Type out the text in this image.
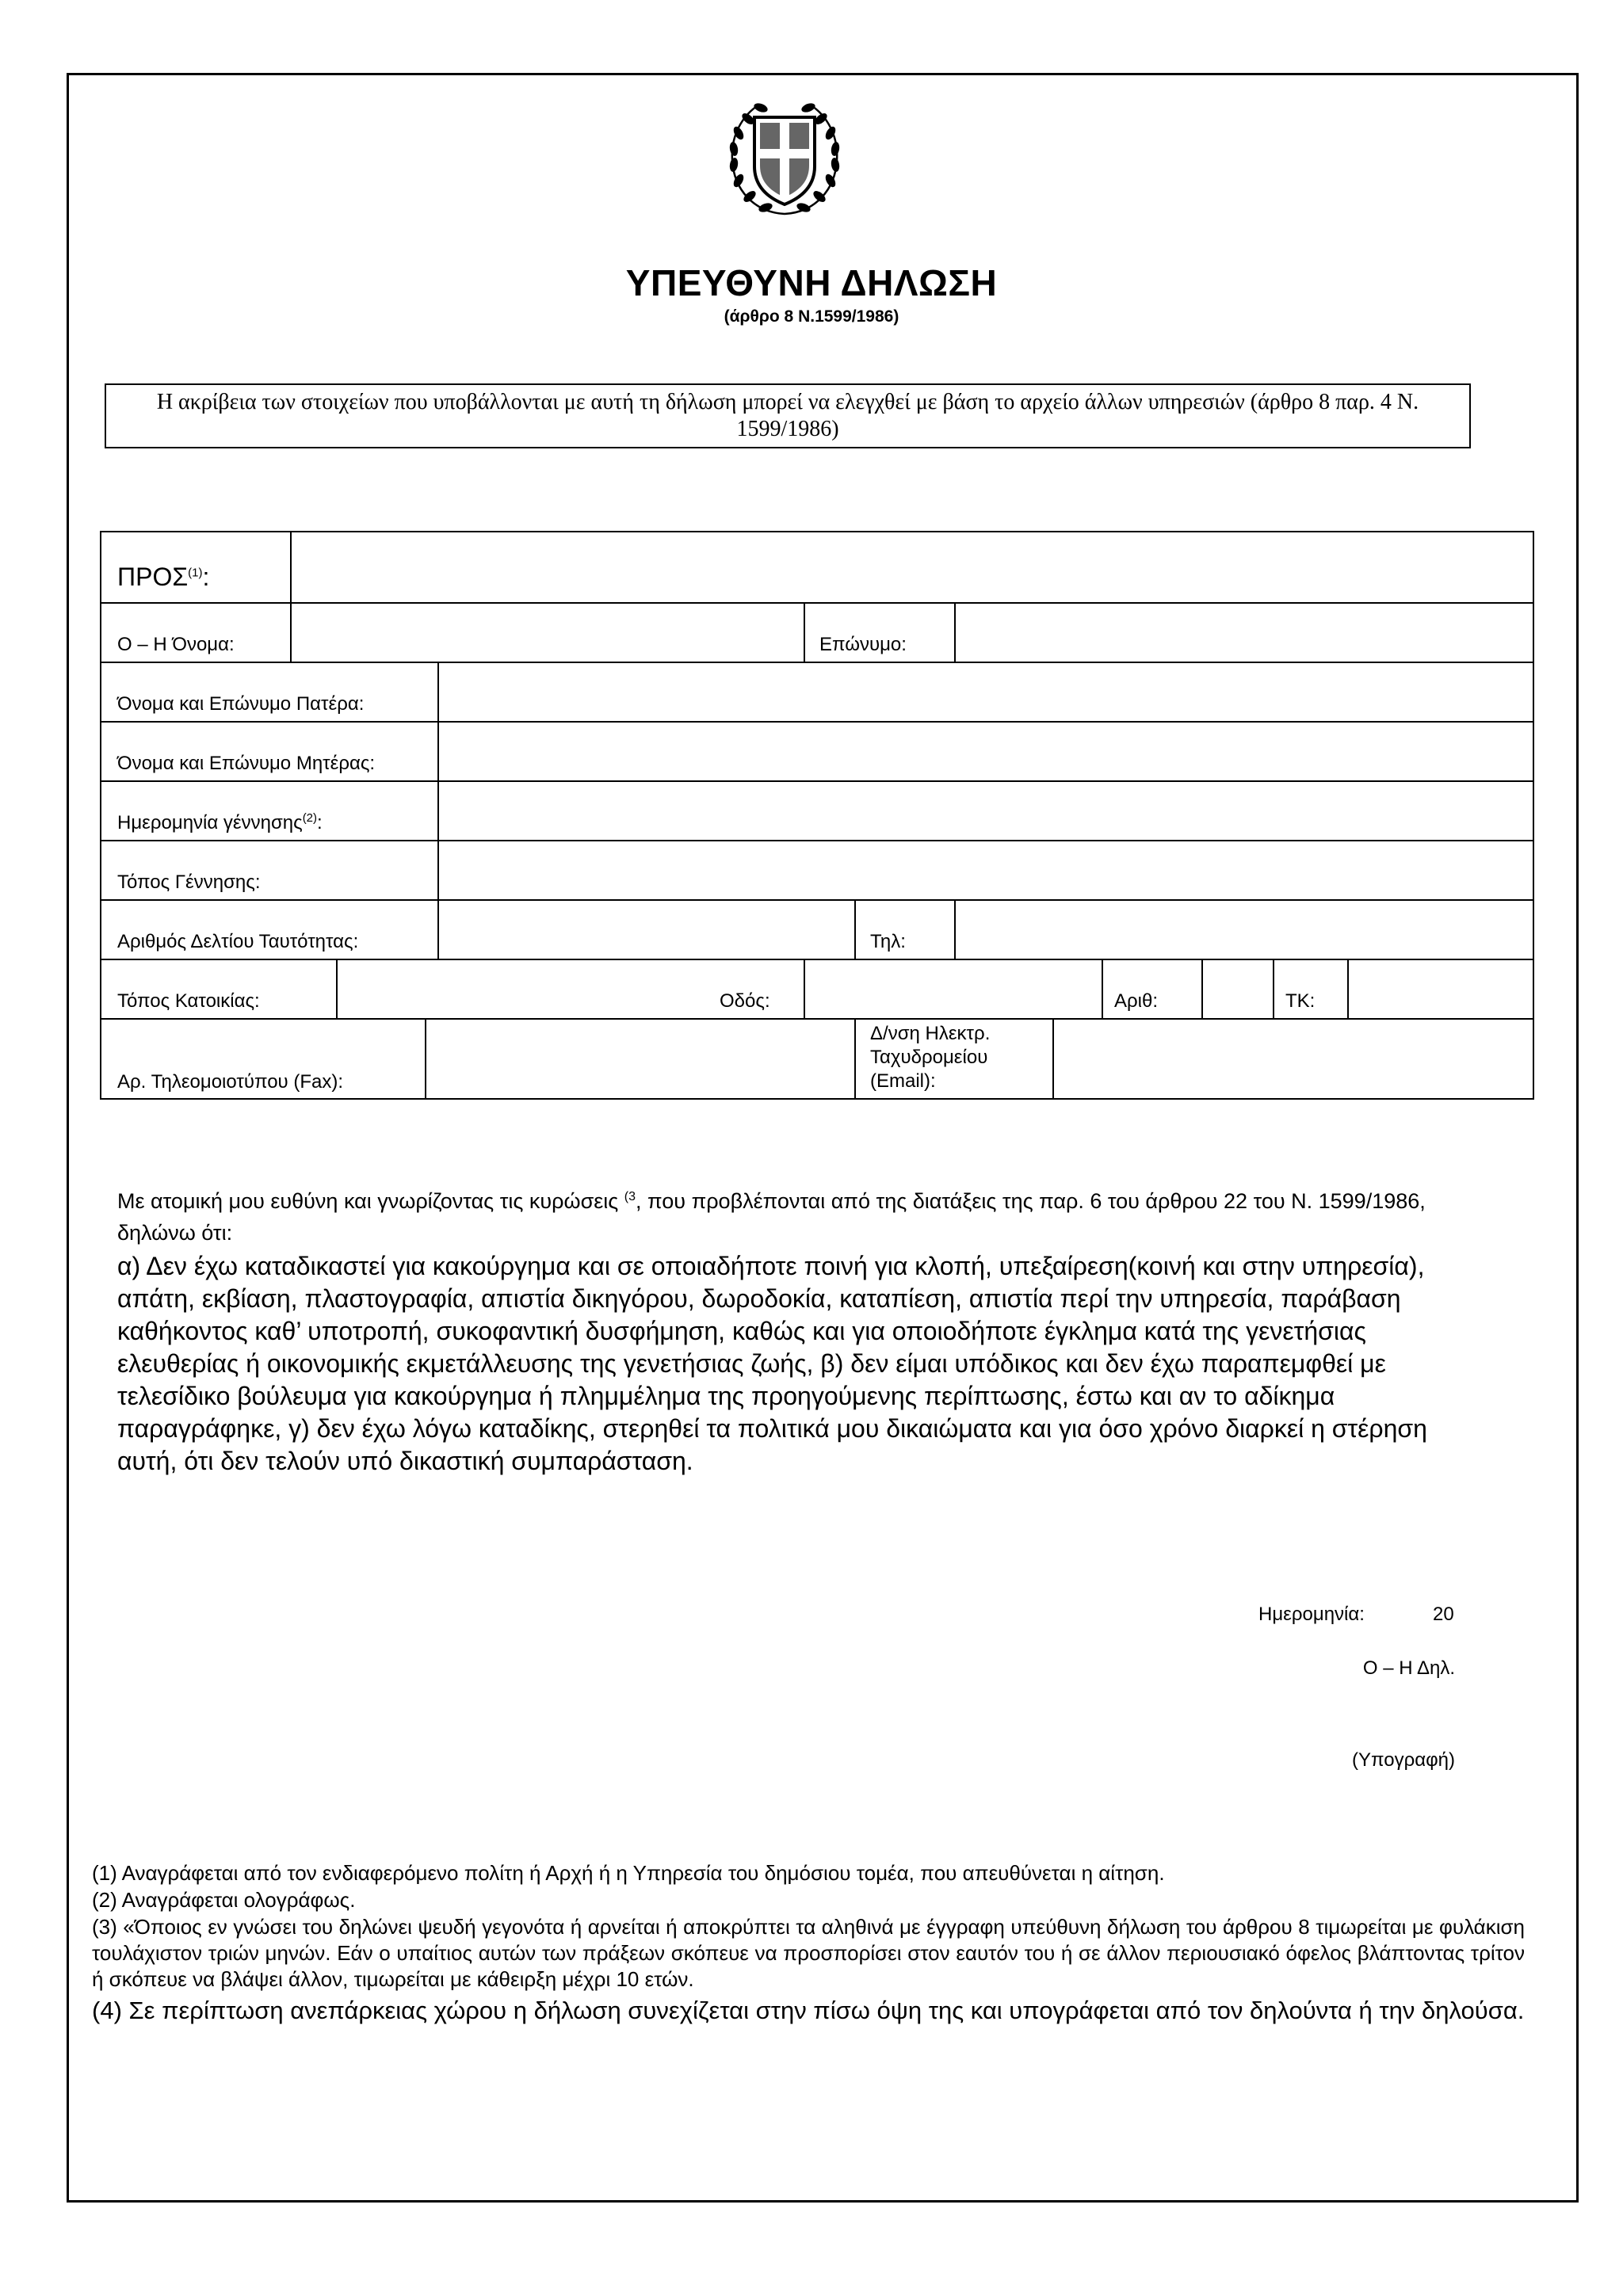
ΥΠΕΥΘΥΝΗ ΔΗΛΩΣΗ
(άρθρο 8 Ν.1599/1986)
Η ακρίβεια των στοιχείων που υποβάλλονται με αυτή τη δήλωση μπορεί να ελεγχθεί με βάση το αρχείο άλλων υπηρεσιών (άρθρο 8 παρ. 4 Ν. 1599/1986)
ΠΡΟΣ$^{(1)}$:
Ο – Η Όνομα:	Επώνυμο:
Όνομα και Επώνυμο Πατέρα:
Όνομα και Επώνυμο Μητέρας:
Ημερομηνία γέννησης$^{(2)}$:
Τόπος Γέννησης:
Αριθμός Δελτίου Ταυτότητας:	Τηλ:
Τόπος Κατοικίας:	Οδός:	Αριθ:	ΤΚ:
Αρ. Τηλεομοιοτύπου (Fax):
Δ/νση Ηλεκτρ.
Ταχυδρομείου
(Email):
Με ατομική μου ευθύνη και γνωρίζοντας τις κυρώσεις $^{(3}$, που προβλέπονται από της διατάξεις της παρ. 6 του άρθρου 22 του Ν. 1599/1986, δηλώνω ότι:
α) Δεν έχω καταδικαστεί για κακούργημα και σε οποιαδήποτε ποινή για κλοπή, υπεξαίρεση(κοινή και στην υπηρεσία), απάτη, εκβίαση, πλαστογραφία, απιστία δικηγόρου, δωροδοκία, καταπίεση, απιστία περί την υπηρεσία, παράβαση καθήκοντος καθ’ υποτροπή, συκοφαντική δυσφήμηση, καθώς και για οποιοδήποτε έγκλημα κατά της γενετήσιας ελευθερίας ή οικονομικής εκμετάλλευσης της γενετήσιας ζωής, β) δεν είμαι υπόδικος και δεν έχω παραπεμφθεί με τελεσίδικο βούλευμα για κακούργημα ή πλημμέλημα της προηγούμενης περίπτωσης, έστω και αν το αδίκημα παραγράφηκε, γ) δεν έχω λόγω καταδίκης, στερηθεί τα πολιτικά μου δικαιώματα και για όσο χρόνο διαρκεί η στέρηση αυτή, ότι δεν τελούν υπό δικαστική συμπαράσταση.
Ημερομηνία:	20
Ο – Η Δηλ.
(Υπογραφή)
(1) Αναγράφεται από τον ενδιαφερόμενο πολίτη ή Αρχή ή η Υπηρεσία του δημόσιου τομέα, που απευθύνεται η αίτηση.
(2) Αναγράφεται ολογράφως.
(3) «Όποιος εν γνώσει του δηλώνει ψευδή γεγονότα ή αρνείται ή αποκρύπτει τα αληθινά με έγγραφη υπεύθυνη δήλωση του άρθρου 8 τιμωρείται με φυλάκιση τουλάχιστον τριών μηνών. Εάν ο υπαίτιος αυτών των πράξεων σκόπευε να προσπορίσει στον εαυτόν του ή σε άλλον περιουσιακό όφελος βλάπτοντας τρίτον ή σκόπευε να βλάψει άλλον, τιμωρείται με κάθειρξη μέχρι 10 ετών.
(4) Σε περίπτωση ανεπάρκειας χώρου η δήλωση συνεχίζεται στην πίσω όψη της και υπογράφεται από τον δηλούντα ή την δηλούσα.
